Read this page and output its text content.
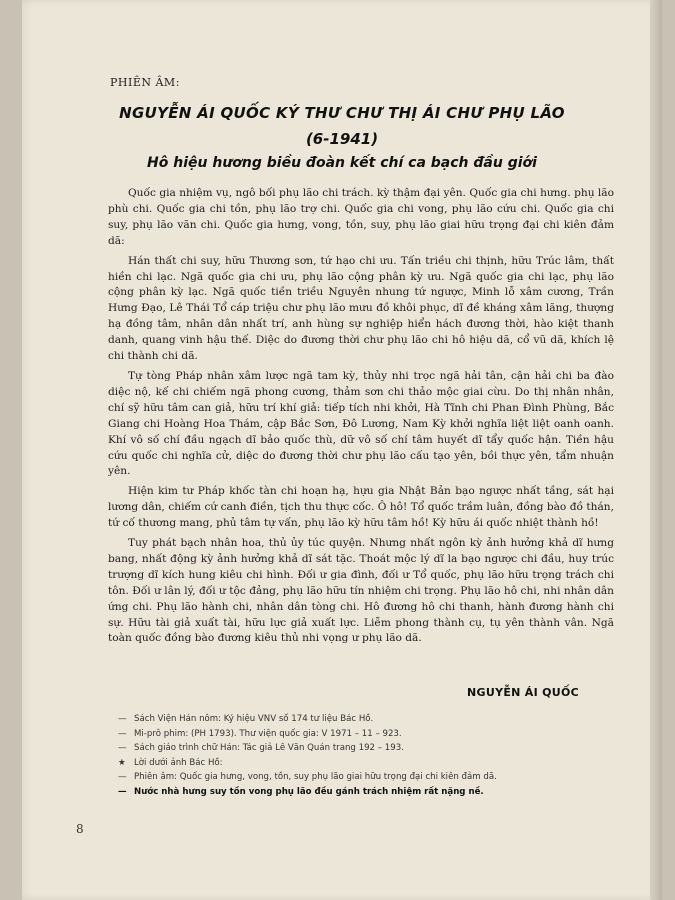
PHIÊN ÂM:
NGUYỄN ÁI QUỐC KÝ THƯ CHƯ THỊ ÁI CHƯ PHỤ LÃO
(6-1941)
Hô hiệu hương biều đoàn kết chí ca bạch đầu giới

Quốc gia nhiệm vụ, ngô bối phụ lão chi trách. kỳ thậm đại yên. Quốc gia chi hưng. phụ lão phù chi. Quốc gia chi tồn, phụ lão trợ chi. Quốc gia chi vong, phụ lão cứu chi. Quốc gia chi suy, phụ lão vãn chi. Quốc gia hưng, vong, tồn, suy, phụ lão giai hữu trọng đại chi kiên đảm dã:

Hán thất chi suy, hữu Thương sơn, tứ hạo chi ưu. Tấn triều chi thịnh, hữu Trúc lâm, thất hiền chi lạc. Ngã quốc gia chi ưu, phụ lão cộng phân kỳ ưu. Ngã quốc gia chi lạc, phụ lão cộng phân kỳ lạc. Ngã quốc tiền triều Nguyên nhung tứ ngược, Minh lỗ xâm cương, Trần Hưng Đạo, Lê Thái Tổ cáp triệu chư phụ lão mưu đồ khôi phục, dĩ đề kháng xâm lăng, thượng hạ đồng tâm, nhân dân nhất trí, anh hùng sự nghiệp hiển hách đương thời, hào kiệt thanh danh, quang vinh hậu thế. Diệc do đương thời chư phụ lão chi hô hiệu dã, cổ vũ dã, khích lệ chi thành chi dã.

Tự tòng Pháp nhân xâm lược ngã tam kỳ, thủy nhi trọc ngã hải tân, cận hải chi ba đào diệc nộ, kế chi chiếm ngã phong cương, thảm sơn chi thảo mộc giai cừu. Do thị nhân nhân, chí sỹ hữu tâm can giả, hữu trí khí giả: tiếp tích nhi khởi, Hà Tĩnh chi Phan Đình Phùng, Bắc Giang chi Hoàng Hoa Thám, cập Bắc Sơn, Đô Lương, Nam Kỳ khởi nghĩa liệt liệt oanh oanh. Khí vô số chí đầu ngạch dĩ bảo quốc thù, dữ vô số chí tâm huyết dĩ tẩy quốc hận. Tiền hậu cứu quốc chi nghĩa cử, diệc do đương thời chư phụ lão cấu tạo yên, bồi thực yên, tẩm nhuận yên.

Hiện kim tư Pháp khốc tàn chi hoạn hạ, hựu gia Nhật Bản bạo ngược nhất tầng, sát hại lương dân, chiếm cứ canh điền, tịch thu thực cốc. Ô hô! Tổ quốc trầm luân, đồng bào đồ thán, tứ cố thương mang, phủ tâm tự vấn, phụ lão kỳ hữu tâm hồ! Kỳ hữu ái quốc nhiệt thành hồ!

Tuy phát bạch nhân hoa, thủ ủy túc quyện. Nhưng nhất ngôn kỳ ảnh hưởng khả dĩ hưng bang, nhất động kỳ ảnh hưởng khả dĩ sát tặc. Thoát mộc lý dĩ la bạo ngược chi đầu, huy trúc trượng dĩ kích hung kiêu chi hình. Đối ư gia đình, đối ư Tổ quốc, phụ lão hữu trọng trách chi tôn. Đối ư lân lý, đối ư tộc đảng, phụ lão hữu tín nhiệm chi trọng. Phụ lão hô chi, nhi nhân dân ứng chi. Phụ lão hành chi, nhân dân tòng chi. Hô đương hô chi thanh, hành đương hành chi sự. Hữu tài giả xuất tài, hữu lực giả xuất lực. Liễm phong thành cụ, tụ yên thành vân. Ngã toàn quốc đồng bào đương kiêu thủ nhi vọng ư phụ lão dã.

NGUYỄN ÁI QUỐC
— Sách Viện Hán nôm: Ký hiệu VNV số 174 tư liệu Bác Hồ.
— Mi-prô phim: (PH 1793). Thư viện quốc gia: V 1971 – 11 – 923.
— Sách giáo trình chữ Hán: Tác giả Lê Văn Quán trang 192 – 193.
★ Lời dưới ảnh Bác Hồ:
— Phiên âm: Quốc gia hưng, vong, tồn, suy phụ lão giai hữu trọng đại chi kiên đảm dã.
— Nước nhà hưng suy tồn vong phụ lão đều gánh trách nhiệm rất nặng nề.
8
